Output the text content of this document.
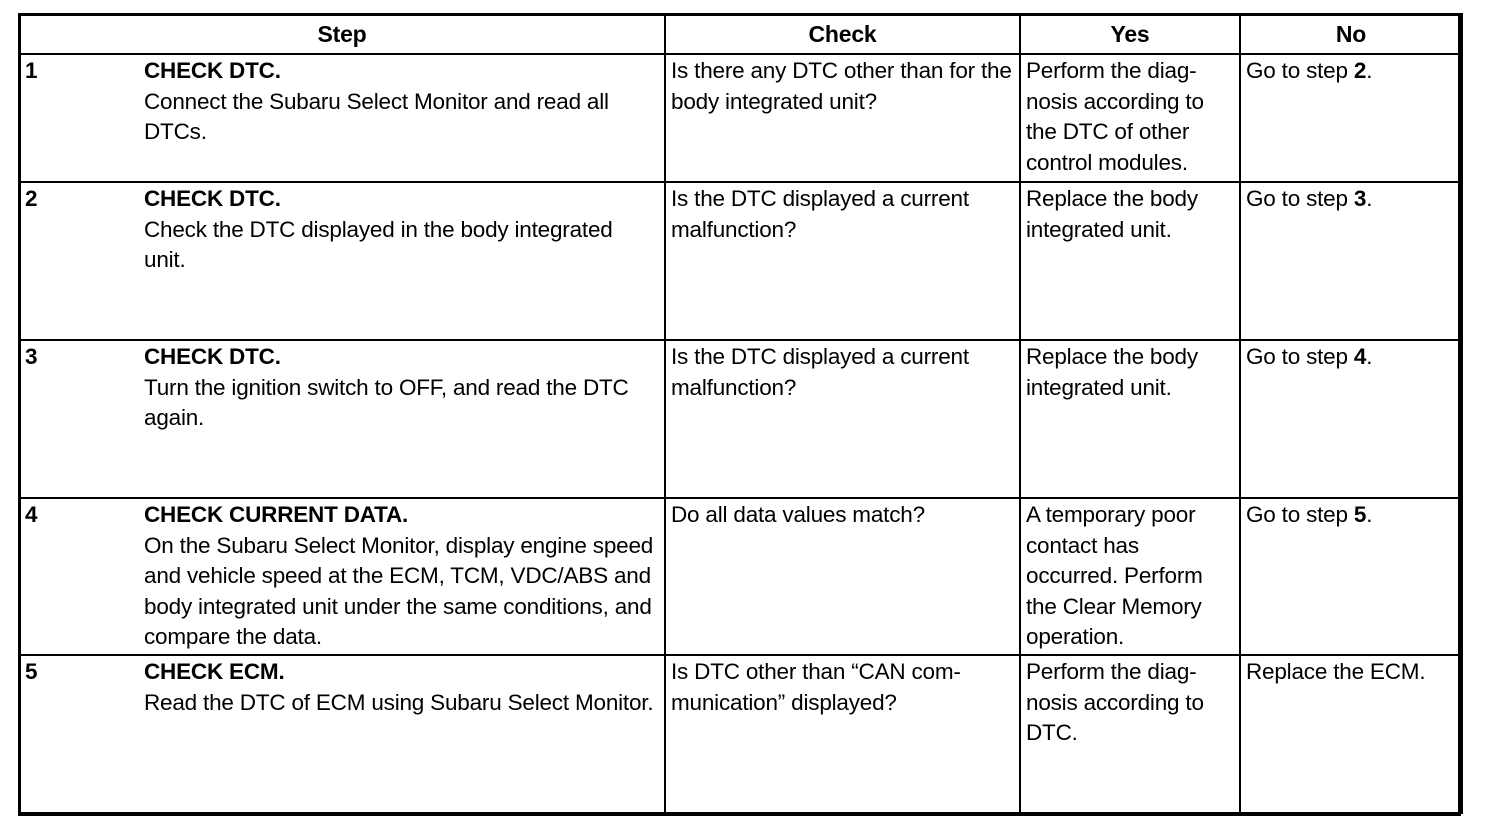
Step	Check	Yes	No

1 CHECK DTC.
Connect the Subaru Select Monitor and read all DTCs.	Is there any DTC other than for the body integrated unit?	Perform the diag-nosis according to the DTC of other control modules.	Go to step 2.

2 CHECK DTC.
Check the DTC displayed in the body integrated unit.	Is the DTC displayed a current malfunction?	Replace the body integrated unit.	Go to step 3.

3 CHECK DTC.
Turn the ignition switch to OFF, and read the DTC again.	Is the DTC displayed a current malfunction?	Replace the body integrated unit.	Go to step 4.

4 CHECK CURRENT DATA.
On the Subaru Select Monitor, display engine speed and vehicle speed at the ECM, TCM, VDC/ABS and body integrated unit under the same conditions, and compare the data.	Do all data values match?	A temporary poor contact has occurred. Perform the Clear Memory operation.	Go to step 5.

5 CHECK ECM.
Read the DTC of ECM using Subaru Select Monitor.	Is DTC other than “CAN com-munication” displayed?	Perform the diag-nosis according to DTC.	Replace the ECM.
